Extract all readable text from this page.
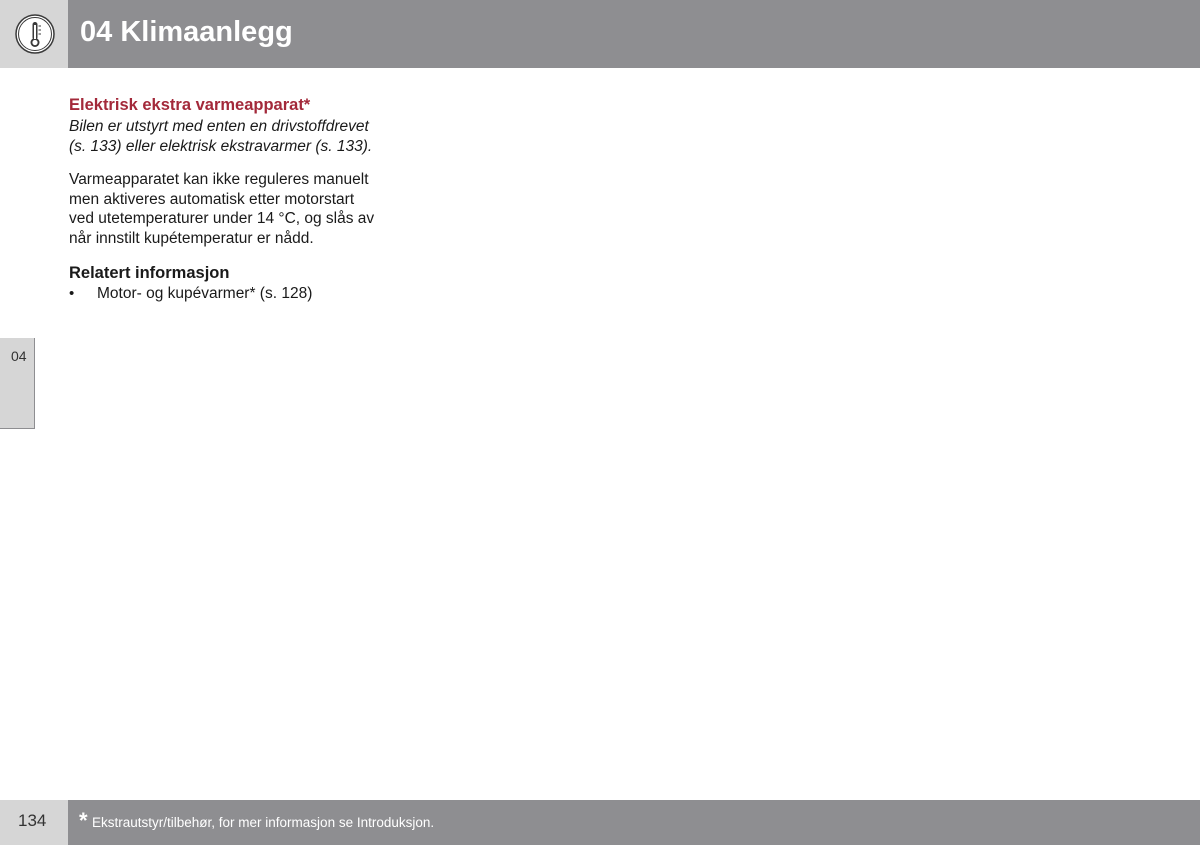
04 Klimaanlegg
04
Elektrisk ekstra varmeapparat*

Bilen er utstyrt med enten en drivstoffdrevet
(s. 133) eller elektrisk ekstravarmer (s. 133).

Varmeapparatet kan ikke reguleres manuelt
men aktiveres automatisk etter motorstart
ved utetemperaturer under 14 °C, og slås av
når innstilt kupétemperatur er nådd.

Relatert informasjon
• Motor- og kupévarmer* (s. 128)
134 * Ekstrautstyr/tilbehør, for mer informasjon se Introduksjon.
